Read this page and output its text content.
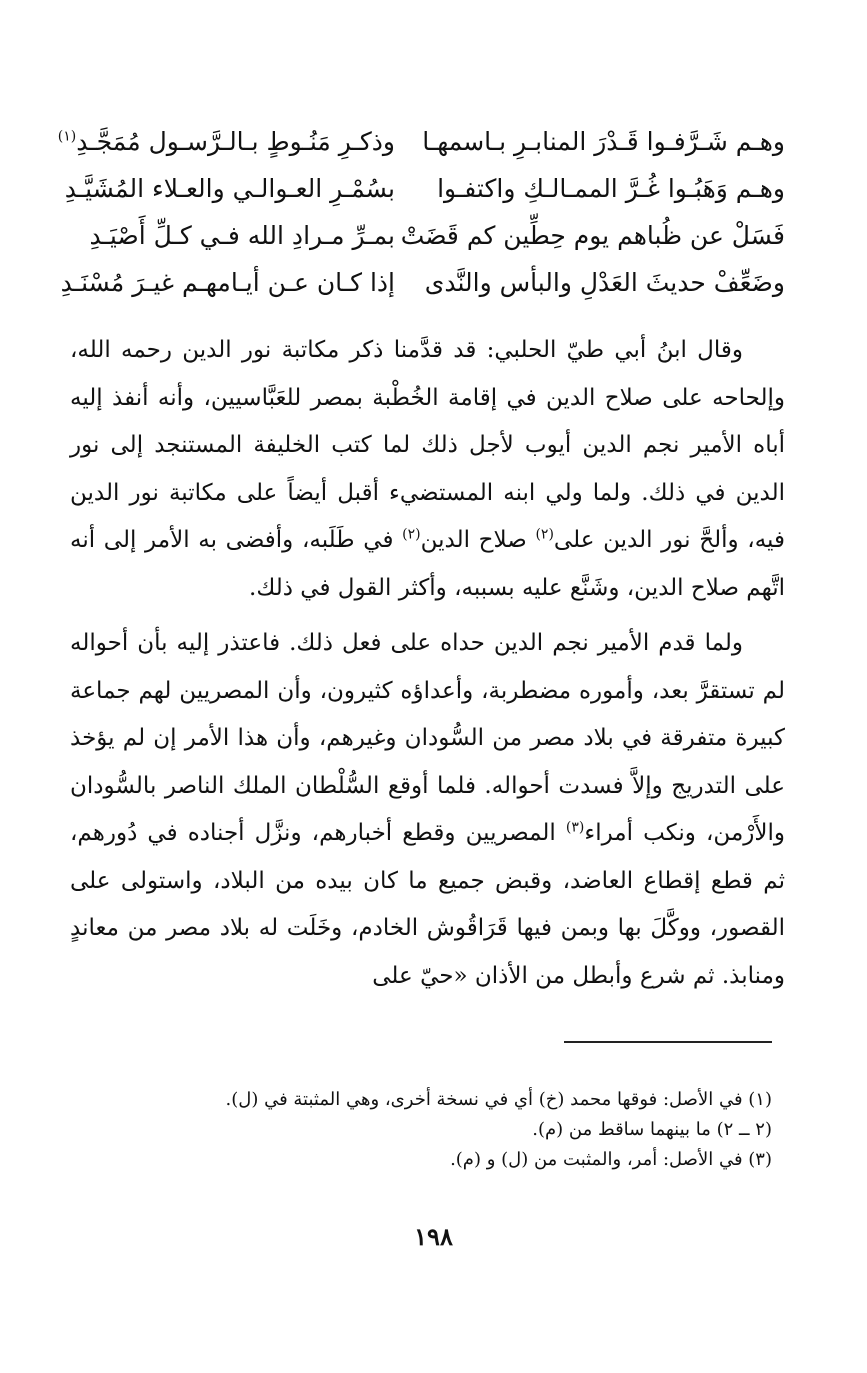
وهـم شَـرَّفـوا قَـدْرَ المنابـرِ بـاسمهـا
وذكـرِ مَنُـوطٍ بـالـرَّسـول مُمَجَّـدِ$^{(١)}$
وهـم وَهَبُـوا غُـرَّ الممـالـكِ واكتفـوا
بسُمْـرِ العـوالـي والعـلاء المُشَيَّـدِ
فَسَلْ عن ظُباهم يوم حِطِّين كم قَضَتْ
بمـرِّ مـرادِ الله فـي كـلِّ أَصْيَـدِ
وضَعِّفْ حديثَ العَدْلِ والبأس والنَّدى
إذا كـان عـن أيـامهـم غيـرَ مُسْنَـدِ

وقال ابنُ أبي طيّ الحلبي: قد قدَّمنا ذكر مكاتبة نور الدين رحمه الله، وإلحاحه على صلاح الدين في إقامة الخُطْبة بمصر للعَبَّاسيين، وأنه أنفذ إليه أباه الأمير نجم الدين أيوب لأجل ذلك لما كتب الخليفة المستنجد إلى نور الدين في ذلك. ولما ولي ابنه المستضيء أقبل أيضاً على مكاتبة نور الدين فيه، وألحَّ نور الدين على$^{(٢)}$ صلاح الدين$^{(٢)}$ في طَلَبه، وأفضى به الأمر إلى أنه اتَّهم صلاح الدين، وشَنَّع عليه بسببه، وأكثر القول في ذلك.

ولما قدم الأمير نجم الدين حداه على فعل ذلك. فاعتذر إليه بأن أحواله لم تستقرَّ بعد، وأموره مضطربة، وأعداؤه كثيرون، وأن المصريين لهم جماعة كبيرة متفرقة في بلاد مصر من السُّودان وغيرهم، وأن هذا الأمر إن لم يؤخذ على التدريج وإلاَّ فسدت أحواله. فلما أوقع السُّلْطان الملك الناصر بالسُّودان والأَرْمن، ونكب أمراء$^{(٣)}$ المصريين وقطع أخبارهم، ونزَّل أجناده في دُورهم، ثم قطع إقطاع العاضد، وقبض جميع ما كان بيده من البلاد، واستولى على القصور، ووكَّلَ بها وبمن فيها قَرَاقُوش الخادم، وخَلَت له بلاد مصر من معاندٍ ومنابذ. ثم شرع وأبطل من الأذان «حيّ على

(١) في الأصل: فوقها محمد (خ) أي في نسخة أخرى، وهي المثبتة في (ل).
(٢ ــ ٢) ما بينهما ساقط من (م).
(٣) في الأصل: أمر، والمثبت من (ل) و (م).
١٩٨
